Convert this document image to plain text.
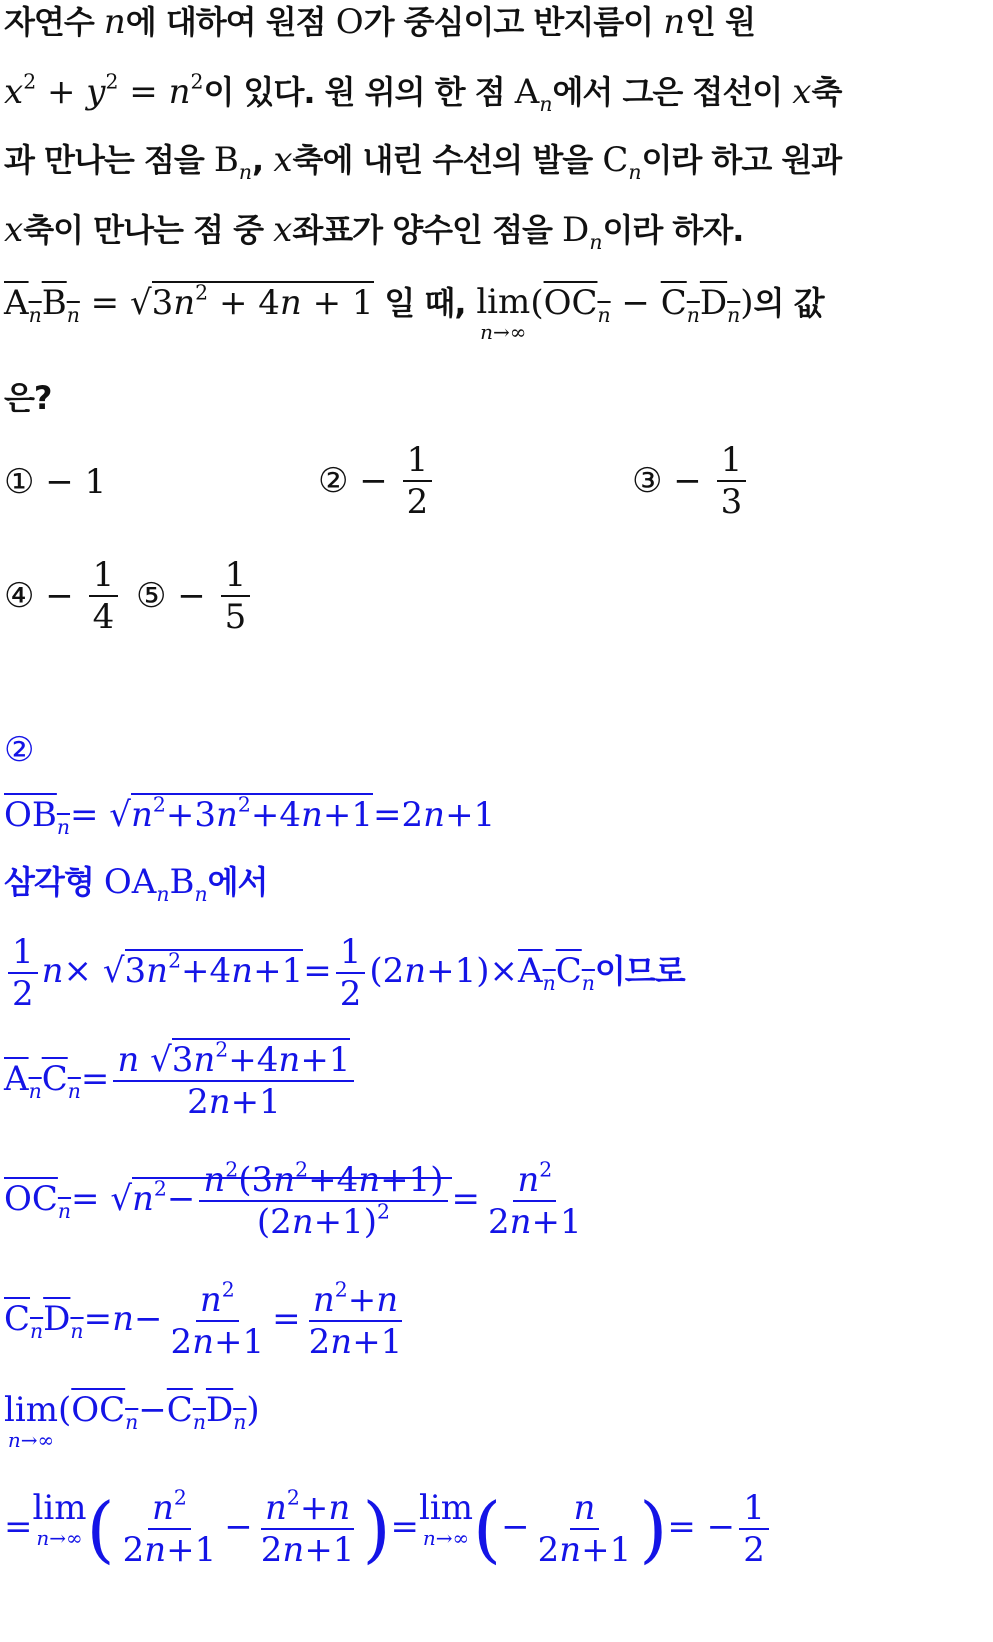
자연수 n에 대하여 원점 O가 중심이고 반지름이 n인 원
$x^2 + y^2 = n^2$이 있다. 원 위의 한 점 $A_n$에서 그은 접선이 x축
과 만나는 점을 $B_n$, x축에 내린 수선의 발을 $C_n$이라 하고 원과
x축이 만나는 점 중 x좌표가 양수인 점을 $D_n$이라 하자.
$A_nB_n = √3n^2 + 4n + 1$ 일 때, lim
n→∞
$(OC_n - C_nD_n)$의 값
은?
① − 1	② − $\frac{1}{2}$	③ − $\frac{1}{3}$
④ − $\frac{1}{4}$ ⑤ − $\frac{1}{5}$
②
$OB_n= √n^2+3n^2+4n+1=2n+1$
삼각형 $OA_nB_n$에서
$\frac{1}{2} n\times √3n^2+4n+1= \frac{1}{2} (2n+1)\times A_nC_n$이므로
$A_nC_n= \frac{n √3n^2+4n+1}{2n+1}$
$OC_n= √n^2- \frac{n^2(3n^2+4n+1)}{(2n+1)^2} = \frac{n^2}{2n+1}$
$C_nD_n=n- \frac{n^2}{2n+1} = \frac{n^2+n}{2n+1}$
lim
n→∞
$(OC_n-C_nD_n)$
= lim
n→∞ ( $\frac{n^2}{2n+1} - \frac{n^2+n}{2n+1}$ )= lim
n→∞ (− $\frac{n}{2n+1}$ )= − $\frac{1}{2}$
